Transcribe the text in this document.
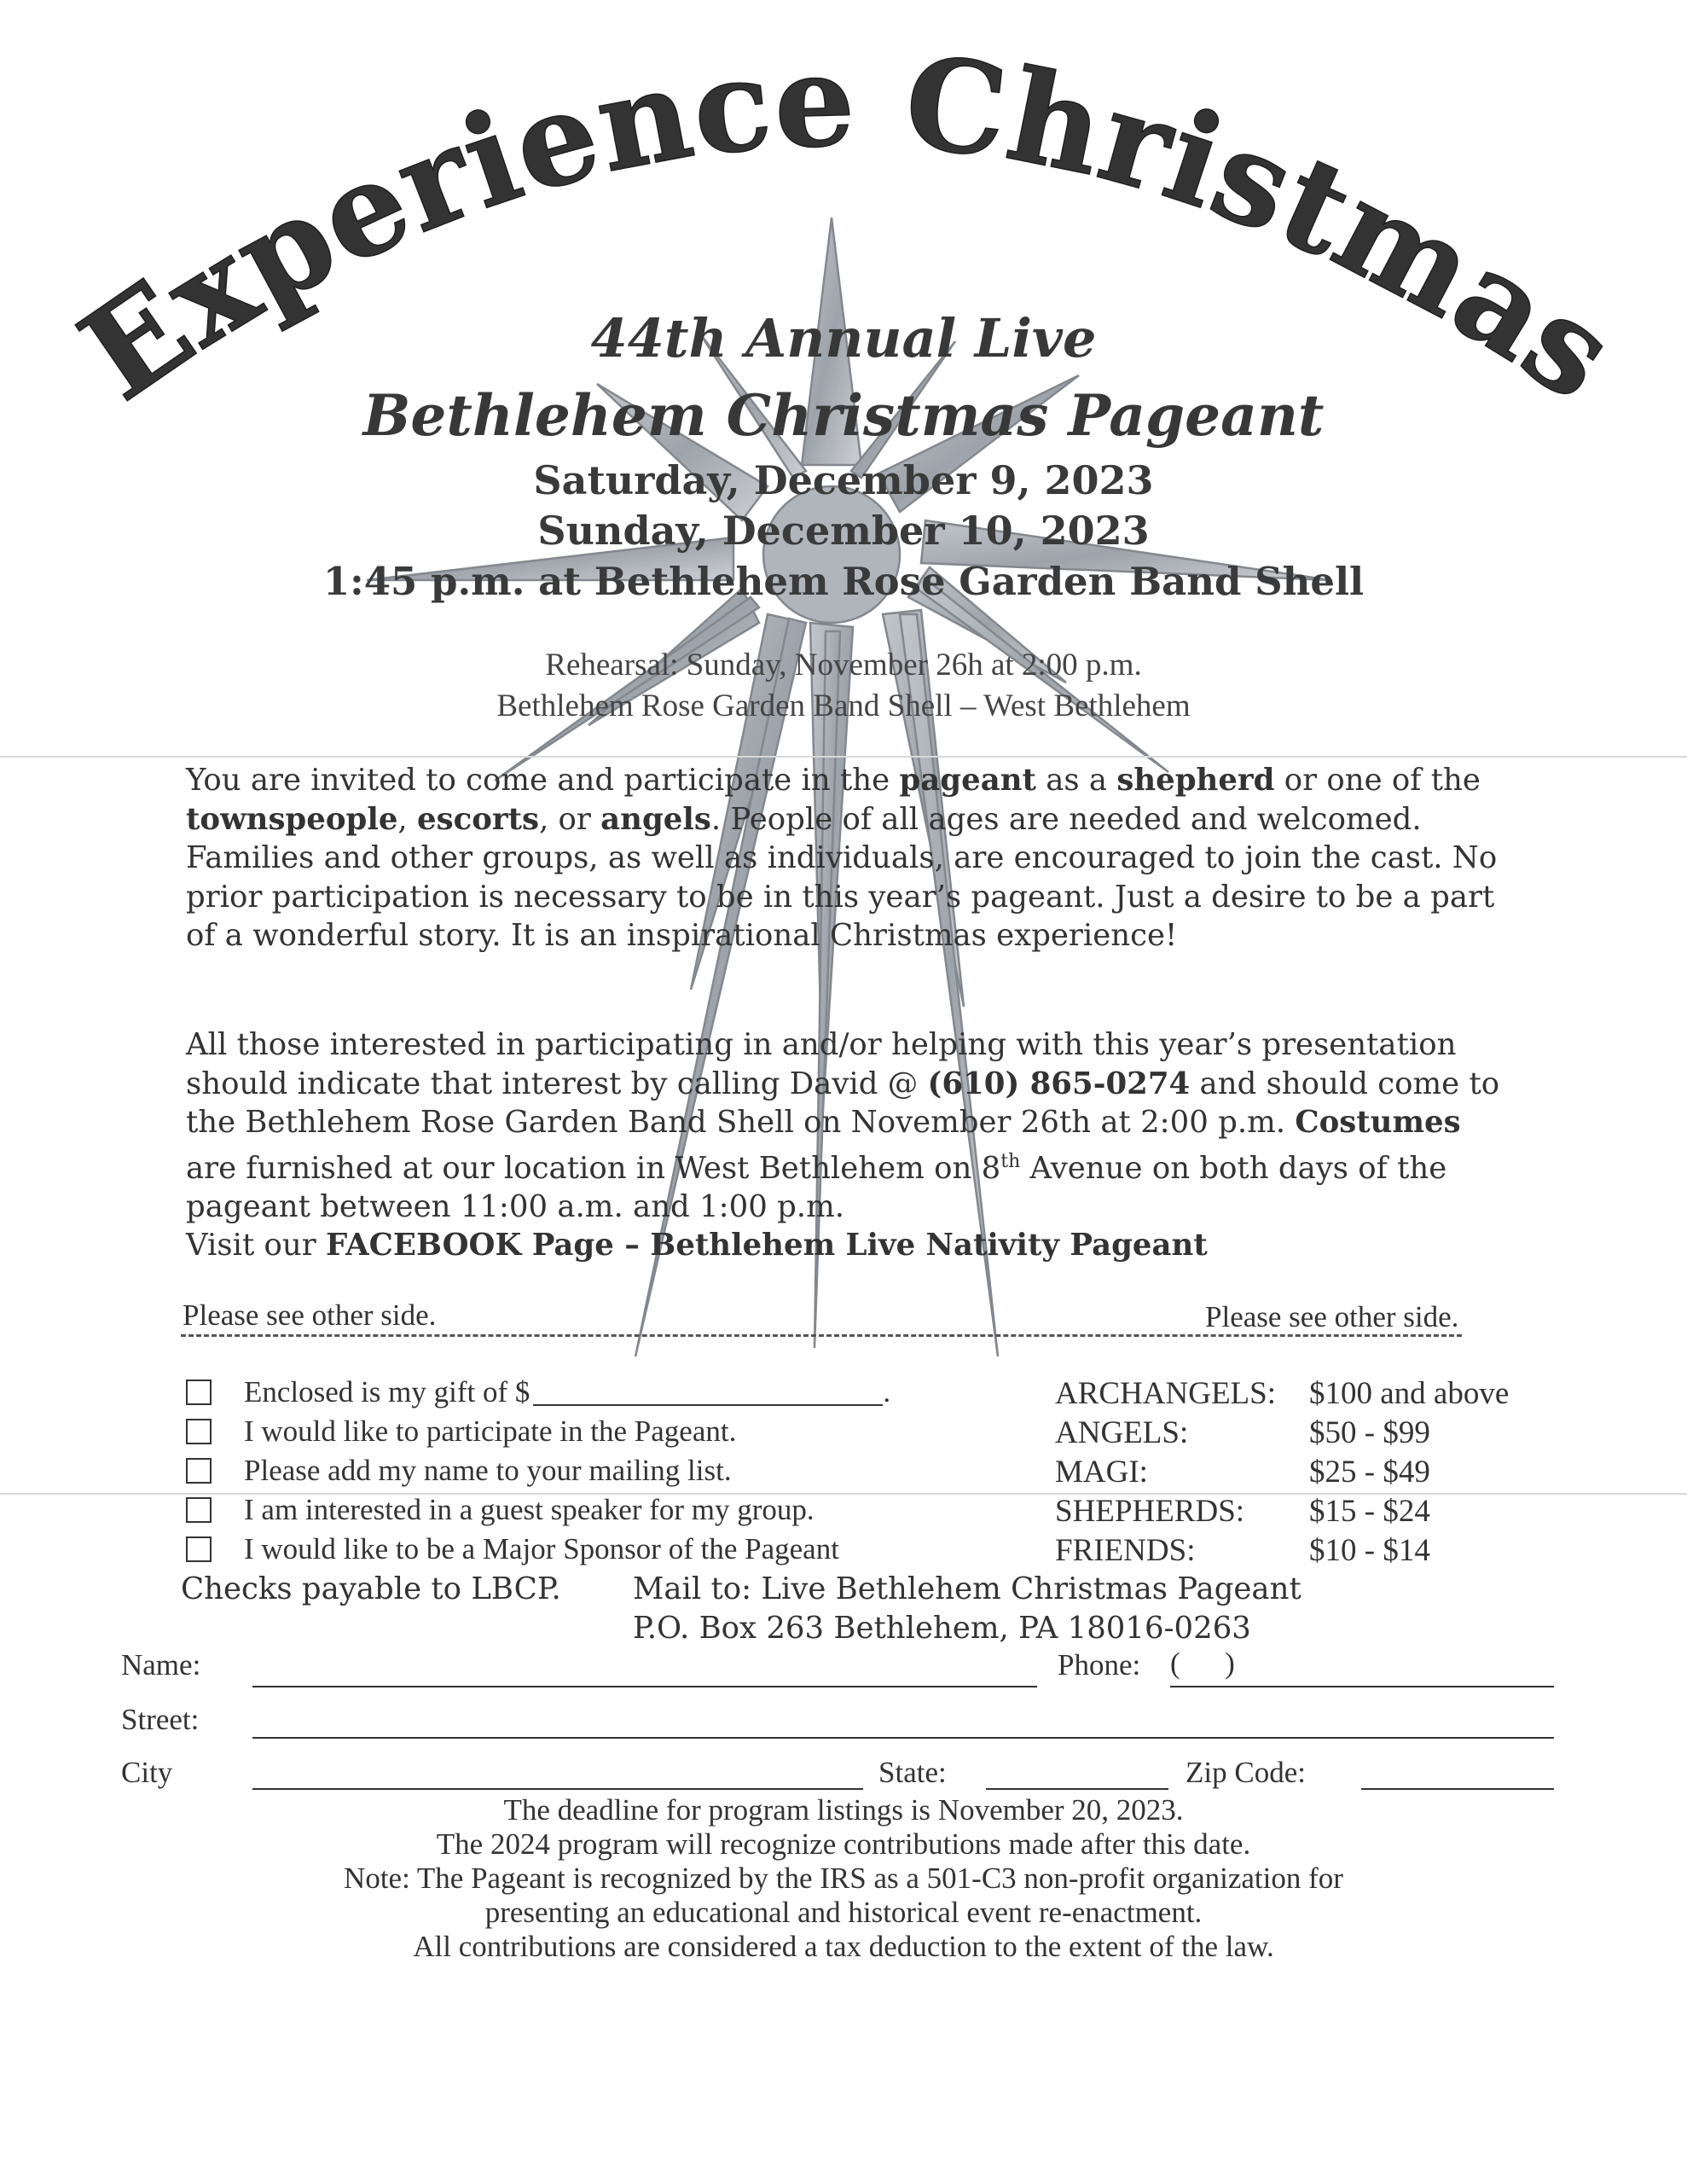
Experience Christmas
44th Annual Live
Bethlehem Christmas Pageant
Saturday, December 9, 2023
Sunday, December 10, 2023
1:45 p.m. at Bethlehem Rose Garden Band Shell
Rehearsal: Sunday, November 26h at 2:00 p.m.
Bethlehem Rose Garden Band Shell – West Bethlehem

You are invited to come and participate in the pageant as a shepherd or one of the townspeople, escorts, or angels. People of all ages are needed and welcomed. Families and other groups, as well as individuals, are encouraged to join the cast. No prior participation is necessary to be in this year’s pageant. Just a desire to be a part of a wonderful story. It is an inspirational Christmas experience!

All those interested in participating in and/or helping with this year’s presentation should indicate that interest by calling David @ (610) 865-0274 and should come to the Bethlehem Rose Garden Band Shell on November 26th at 2:00 p.m. Costumes are furnished at our location in West Bethlehem on 8th Avenue on both days of the pageant between 11:00 a.m. and 1:00 p.m.
Visit our FACEBOOK Page – Bethlehem Live Nativity Pageant

Please see other side.	Please see other side.
Enclosed is my gift of $	.
I would like to participate in the Pageant.
Please add my name to your mailing list.
I am interested in a guest speaker for my group.
I would like to be a Major Sponsor of the Pageant
ARCHANGELS: $100 and above
ANGELS:	$50 - $99
MAGI:	$25 - $49
SHEPHERDS: $15 - $24
FRIENDS:	$10 - $14
Checks payable to LBCP. Mail to: Live Bethlehem Christmas Pageant
P.O. Box 263 Bethlehem, PA 18016-0263
Name:	Phone: (      )
Street:
City	State:	Zip Code:
The deadline for program listings is November 20, 2023.
The 2024 program will recognize contributions made after this date.
Note: The Pageant is recognized by the IRS as a 501-C3 non-profit organization for
presenting an educational and historical event re-enactment.
All contributions are considered a tax deduction to the extent of the law.
